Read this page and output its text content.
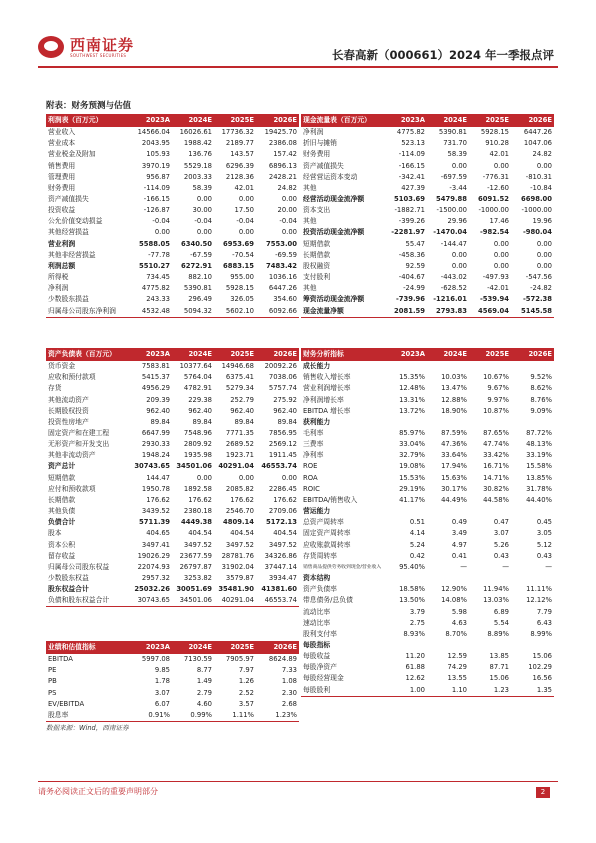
西南证券
SOUTHWEST SECURITIES	长春高新（000661）2024 年一季报点评
附表：财务预测与估值
利润表（百万元）	2023A	2024E	2025E	2026E
营业收入	14566.04	16026.61	17736.32	19425.70
营业成本	2043.95	1988.42	2189.77	2386.08
营业税金及附加	105.93	136.76	143.57	157.42
销售费用	3970.19	5529.18	6296.39	6896.13
管理费用	956.87	2003.33	2128.36	2428.21
财务费用	-114.09	58.39	42.01	24.82
资产减值损失	-166.15	0.00	0.00	0.00
投资收益	-126.87	30.00	17.50	20.00
公允价值变动损益	-0.04	-0.04	-0.04	-0.04
其他经营损益	0.00	0.00	0.00	0.00
营业利润	5588.05	6340.50	6953.69	7553.00
其他非经营损益	-77.78	-67.59	-70.54	-69.59
利润总额	5510.27	6272.91	6883.15	7483.42
所得税	734.45	882.10	955.00	1036.16
净利润	4775.82	5390.81	5928.15	6447.26
少数股东损益	243.33	296.49	326.05	354.60
归属母公司股东净利润	4532.48	5094.32	5602.10	6092.66
现金流量表（百万元）	2023A	2024E	2025E	2026E
净利润	4775.82	5390.81	5928.15	6447.26
折旧与摊销	523.13	731.70	910.28	1047.06
财务费用	-114.09	58.39	42.01	24.82
资产减值损失	-166.15	0.00	0.00	0.00
经营营运资本变动	-342.41	-697.59	-776.31	-810.31
其他	427.39	-3.44	-12.60	-10.84
经营活动现金流净额	5103.69	5479.88	6091.52	6698.00
资本支出	-1882.71	-1500.00	-1000.00	-1000.00
其他	-399.26	29.96	17.46	19.96
投资活动现金流净额	-2281.97	-1470.04	-982.54	-980.04
短期借款	55.47	-144.47	0.00	0.00
长期借款	-458.36	0.00	0.00	0.00
股权融资	92.59	0.00	0.00	0.00
支付股利	-404.67	-443.02	-497.93	-547.56
其他	-24.99	-628.52	-42.01	-24.82
筹资活动现金流净额	-739.96	-1216.01	-539.94	-572.38
现金流量净额	2081.59	2793.83	4569.04	5145.58
资产负债表（百万元）	2023A	2024E	2025E	2026E
货币资金	7583.81	10377.64	14946.68	20092.26
应收和预付款项	5415.37	5764.04	6375.41	7038.06
存货	4956.29	4782.91	5279.34	5757.74
其他流动资产	209.39	229.38	252.79	275.92
长期股权投资	962.40	962.40	962.40	962.40
投资性房地产	89.84	89.84	89.84	89.84
固定资产和在建工程	6647.99	7548.96	7771.35	7856.95
无形资产和开发支出	2930.33	2809.92	2689.52	2569.12
其他非流动资产	1948.24	1935.98	1923.71	1911.45
资产总计	30743.65	34501.06	40291.04	46553.74
短期借款	144.47	0.00	0.00	0.00
应付和预收款项	1950.78	1892.58	2085.82	2286.45
长期借款	176.62	176.62	176.62	176.62
其他负债	3439.52	2380.18	2546.70	2709.06
负债合计	5711.39	4449.38	4809.14	5172.13
股本	404.65	404.54	404.54	404.54
资本公积	3497.41	3497.52	3497.52	3497.52
留存收益	19026.29	23677.59	28781.76	34326.86
归属母公司股东权益	22074.93	26797.87	31902.04	37447.14
少数股东权益	2957.32	3253.82	3579.87	3934.47
股东权益合计	25032.26	30051.69	35481.90	41381.60
负债和股东权益合计	30743.65	34501.06	40291.04	46553.74
财务分析指标	2023A	2024E	2025E	2026E
成长能力				
销售收入增长率	15.35%	10.03%	10.67%	9.52%
营业利润增长率	12.48%	13.47%	9.67%	8.62%
净利润增长率	13.31%	12.88%	9.97%	8.76%
EBITDA 增长率	13.72%	18.90%	10.87%	9.09%
获利能力				
毛利率	85.97%	87.59%	87.65%	87.72%
三费率	33.04%	47.36%	47.74%	48.13%
净利率	32.79%	33.64%	33.42%	33.19%
ROE	19.08%	17.94%	16.71%	15.58%
ROA	15.53%	15.63%	14.71%	13.85%
ROIC	29.19%	30.17%	30.82%	31.78%
EBITDA/销售收入	41.17%	44.49%	44.58%	44.40%
营运能力				
总资产周转率	0.51	0.49	0.47	0.45
固定资产周转率	4.14	3.49	3.07	3.05
应收账款周转率	5.24	4.97	5.26	5.12
存货周转率	0.42	0.41	0.43	0.43
销售商品提供劳务收到现金/营业收入	95.40%	—	—	—
资本结构				
资产负债率	18.58%	12.90%	11.94%	11.11%
带息债务/总负债	13.50%	14.08%	13.03%	12.12%
流动比率	3.79	5.98	6.89	7.79
速动比率	2.75	4.63	5.54	6.43
股利支付率	8.93%	8.70%	8.89%	8.99%
每股指标				
每股收益	11.20	12.59	13.85	15.06
每股净资产	61.88	74.29	87.71	102.29
每股经营现金	12.62	13.55	15.06	16.56
每股股利	1.00	1.10	1.23	1.35
业绩和估值指标	2023A	2024E	2025E	2026E
EBITDA	5997.08	7130.59	7905.97	8624.89
PE	9.85	8.77	7.97	7.33
PB	1.78	1.49	1.26	1.08
PS	3.07	2.79	2.52	2.30
EV/EBITDA	6.07	4.60	3.57	2.68
股息率	0.91%	0.99%	1.11%	1.23%
数据来源：Wind，西南证券
请务必阅读正文后的重要声明部分	2
